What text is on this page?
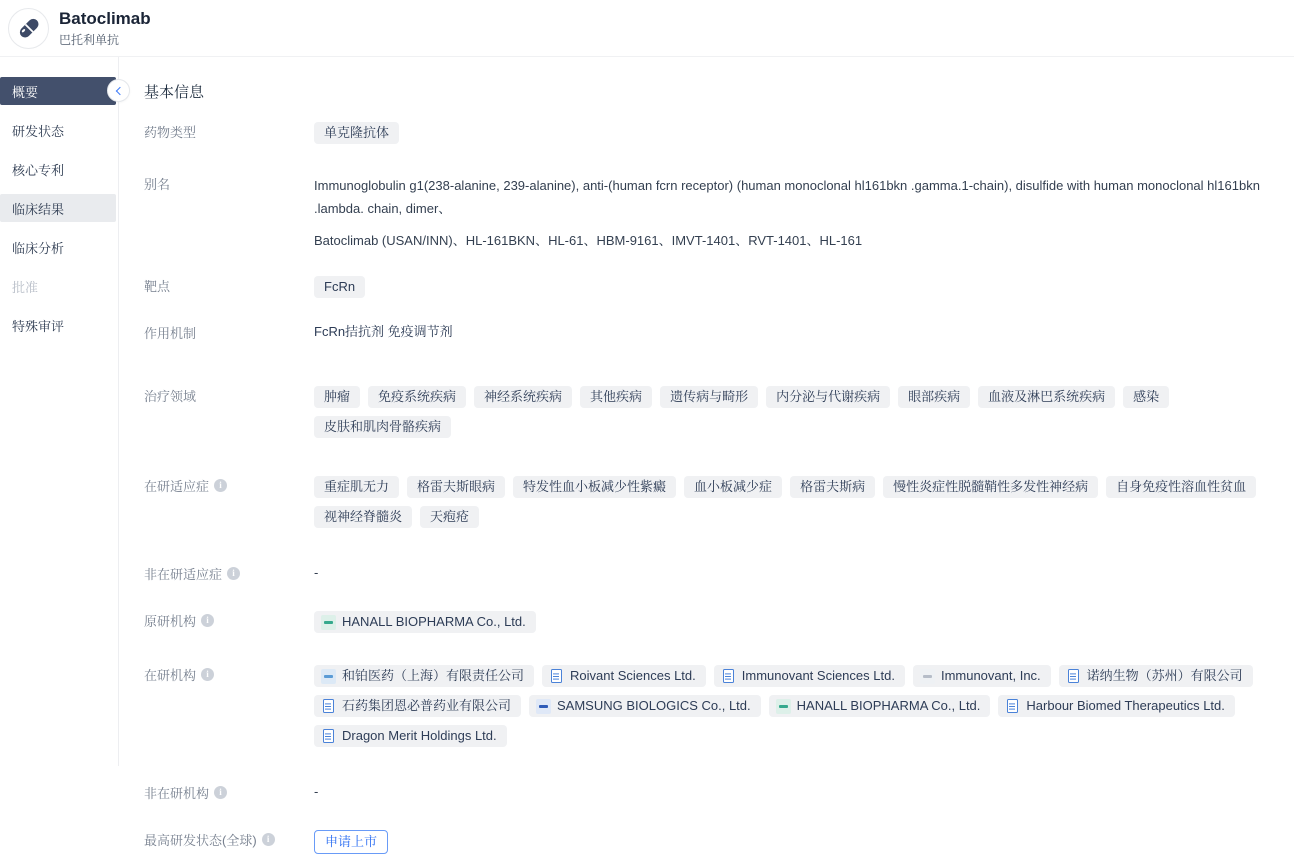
Batoclimab
巴托利单抗
概要
研发状态
核心专利
临床结果
临床分析
批准
特殊审评
基本信息
药物类型	单克隆抗体
别名	Immunoglobulin g1(238-alanine, 239-alanine), anti-(human fcrn receptor) (human monoclonal hl161bkn .gamma.1-chain), disulfide with human monoclonal hl161bkn .lambda. chain, dimer、

Batoclimab (USAN/INN)、HL-161BKN、HL-61、HBM-9161、IMVT-1401、RVT-1401、HL-161

靶点	FcRn
作用机制	FcRn拮抗剂 免疫调节剂
治疗领域	肿瘤	免疫系统疾病	神经系统疾病	其他疾病	遗传病与畸形	内分泌与代谢疾病	眼部疾病	血液及淋巴系统疾病	感染
皮肤和肌肉骨骼疾病
在研适应症 i	重症肌无力	格雷夫斯眼病	特发性血小板减少性紫癜	血小板减少症	格雷夫斯病	慢性炎症性脱髓鞘性多发性神经病	自身免疫性溶血性贫血
视神经脊髓炎	天疱疮
非在研适应症 i	-
原研机构 i	HANALL BIOPHARMA Co., Ltd.
在研机构 i	和铂医药（上海）有限责任公司	Roivant Sciences Ltd.	Immunovant Sciences Ltd.	Immunovant, Inc.	诺纳生物（苏州）有限公司
石药集团恩必普药业有限公司	SAMSUNG BIOLOGICS Co., Ltd.	HANALL BIOPHARMA Co., Ltd.	Harbour Biomed Therapeutics Ltd.
Dragon Merit Holdings Ltd.
非在研机构 i	-
最高研发状态(全球) i	申请上市
